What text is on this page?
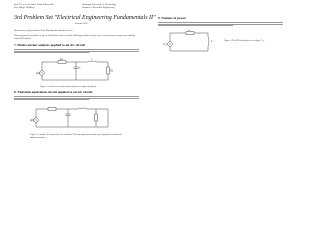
Prof. Dr. rer. nat. habil. Frank Kaiserrodt
Prof Holger Hellberg
Hamburg University of Technology
Institute of Electrical Engineering
3rd Problem Set "Electrical Engineering Fundamentals II"
Summer 2021
Short answer of the problems. Note: Marking the solution cost you.
Please prepare the problems in group. Submit their answers online. Marking problems in your own is not necessary in exam your marking using QPB (below).
7. Mesh-current analysis applied to an AC circuit
u(t)
R1
C
L
R2
Figure 1: a circuit for a mesh-current analysis for a given frequency.
8. Thévenin equivalent circuit applied to an AC circuit
u(t)
Figure 2: A simple AC circuit where the method of Thévenin equivalent circuits can be applied to calculate the unknown current i_x.
9. Notions of power
U_s
R
L	Figure 3: The RL Delta subject to a voltage U_s.
